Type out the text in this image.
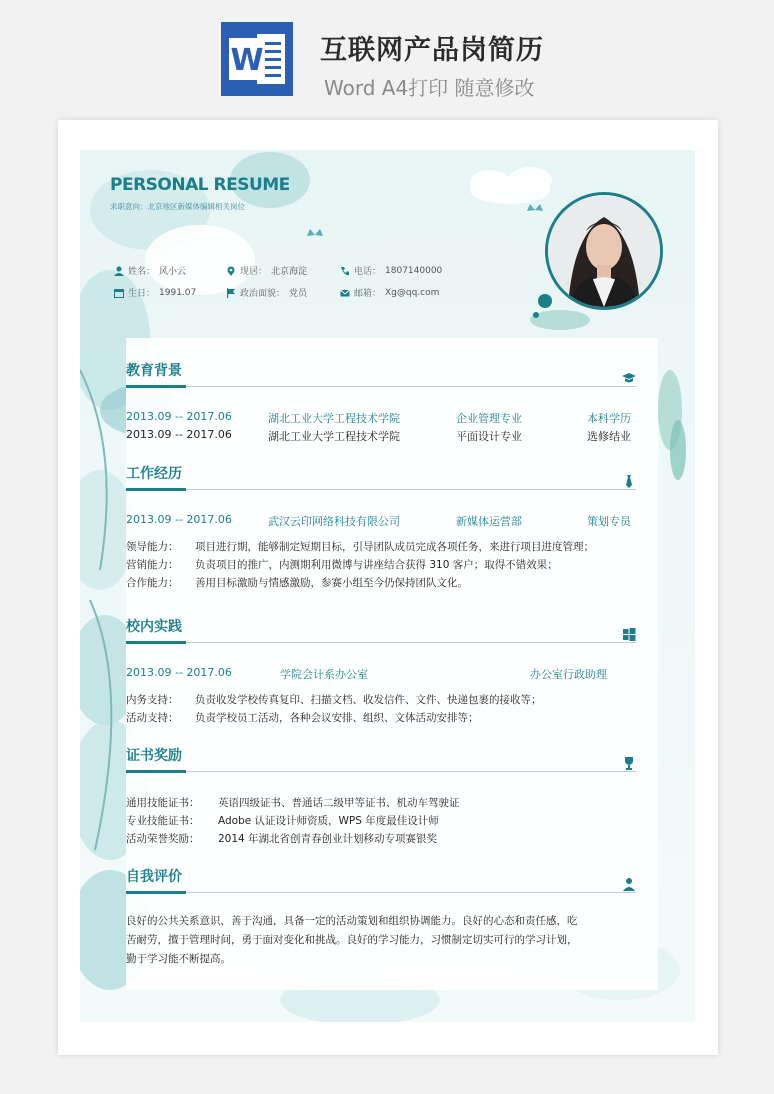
W 互联网产品岗简历
Word A4打印 随意修改
PERSONAL RESUME
求职意向：北京地区新媒体编辑相关岗位
姓名： 风小云	现居： 北京海淀	电话： 1807140000
生日： 1991.07	政治面貌： 党员	邮箱： Xg@qq.com
教育背景
2013.09 -- 2017.06	湖北工业大学工程技术学院	企业管理专业	本科学历
2013.09 -- 2017.06	湖北工业大学工程技术学院	平面设计专业	选修结业
工作经历
2013.09 -- 2017.06	武汉云印网络科技有限公司	新媒体运营部	策划专员
领导能力： 项目进行期，能够制定短期目标，引导团队成员完成各项任务，来进行项目进度管理；
营销能力： 负责项目的推广，内测期利用微博与讲座结合获得 310 客户；取得不错效果；
合作能力： 善用目标激励与情感激励，参赛小组至今仍保持团队文化。
校内实践
2013.09 -- 2017.06	学院会计系办公室	办公室行政助理
内务支持： 负责收发学校传真复印、扫描文档、收发信件、文件、快递包裹的接收等；
活动支持： 负责学校员工活动，各种会议安排、组织、文体活动安排等；
证书奖励
通用技能证书： 英语四级证书、普通话二级甲等证书、机动车驾驶证
专业技能证书： Adobe 认证设计师资质，WPS 年度最佳设计师
活动荣誉奖励： 2014 年湖北省创青春创业计划移动专项赛银奖
自我评价
良好的公共关系意识，善于沟通，具备一定的活动策划和组织协调能力。良好的心态和责任感，吃
苦耐劳，擅于管理时间，勇于面对变化和挑战。良好的学习能力，习惯制定切实可行的学习计划，
勤于学习能不断提高。
